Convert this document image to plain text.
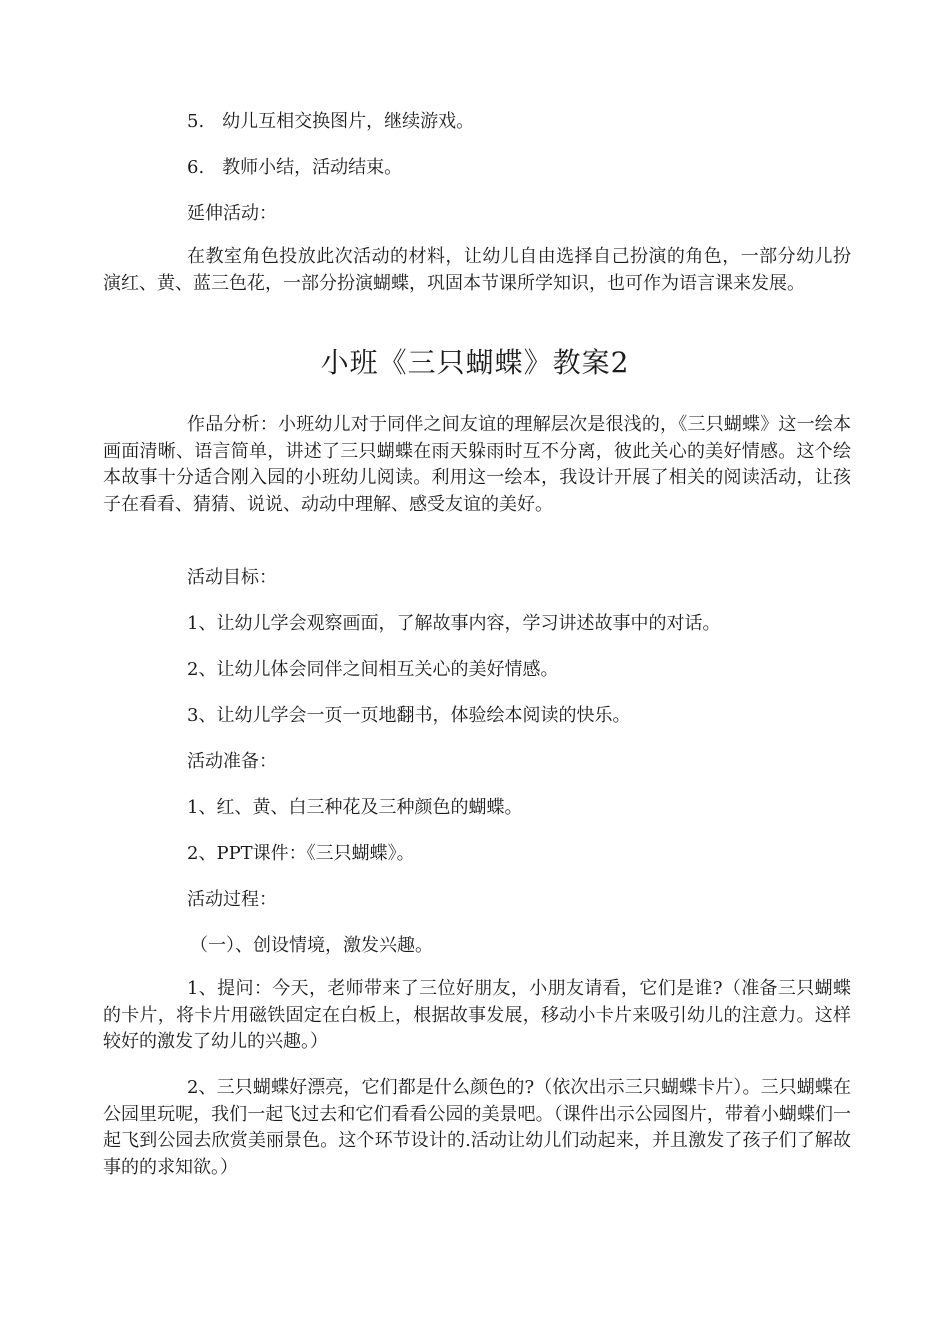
5.　幼儿互相交换图片，继续游戏。
6.　教师小结，活动结束。
延伸活动：
在教室角色投放此次活动的材料，让幼儿自由选择自己扮演的角色，一部分幼儿扮演红、黄、蓝三色花，一部分扮演蝴蝶，巩固本节课所学知识，也可作为语言课来发展。
小班《三只蝴蝶》教案2
作品分析：小班幼儿对于同伴之间友谊的理解层次是很浅的，《三只蝴蝶》这一绘本画面清晰、语言简单，讲述了三只蝴蝶在雨天躲雨时互不分离，彼此关心的美好情感。这个绘本故事十分适合刚入园的小班幼儿阅读。利用这一绘本，我设计开展了相关的阅读活动，让孩子在看看、猜猜、说说、动动中理解、感受友谊的美好。
活动目标：
1、让幼儿学会观察画面，了解故事内容，学习讲述故事中的对话。
2、让幼儿体会同伴之间相互关心的美好情感。
3、让幼儿学会一页一页地翻书，体验绘本阅读的快乐。
活动准备：
1、红、黄、白三种花及三种颜色的蝴蝶。
2、PPT课件：《三只蝴蝶》。
活动过程：
（一）、创设情境，激发兴趣。
1、提问：今天，老师带来了三位好朋友，小朋友请看，它们是谁?（准备三只蝴蝶的卡片，将卡片用磁铁固定在白板上，根据故事发展，移动小卡片来吸引幼儿的注意力。这样较好的激发了幼儿的兴趣。）
2、三只蝴蝶好漂亮，它们都是什么颜色的?（依次出示三只蝴蝶卡片）。三只蝴蝶在公园里玩呢，我们一起飞过去和它们看看公园的美景吧。（课件出示公园图片，带着小蝴蝶们一起飞到公园去欣赏美丽景色。这个环节设计的.活动让幼儿们动起来，并且激发了孩子们了解故事的的求知欲。）
